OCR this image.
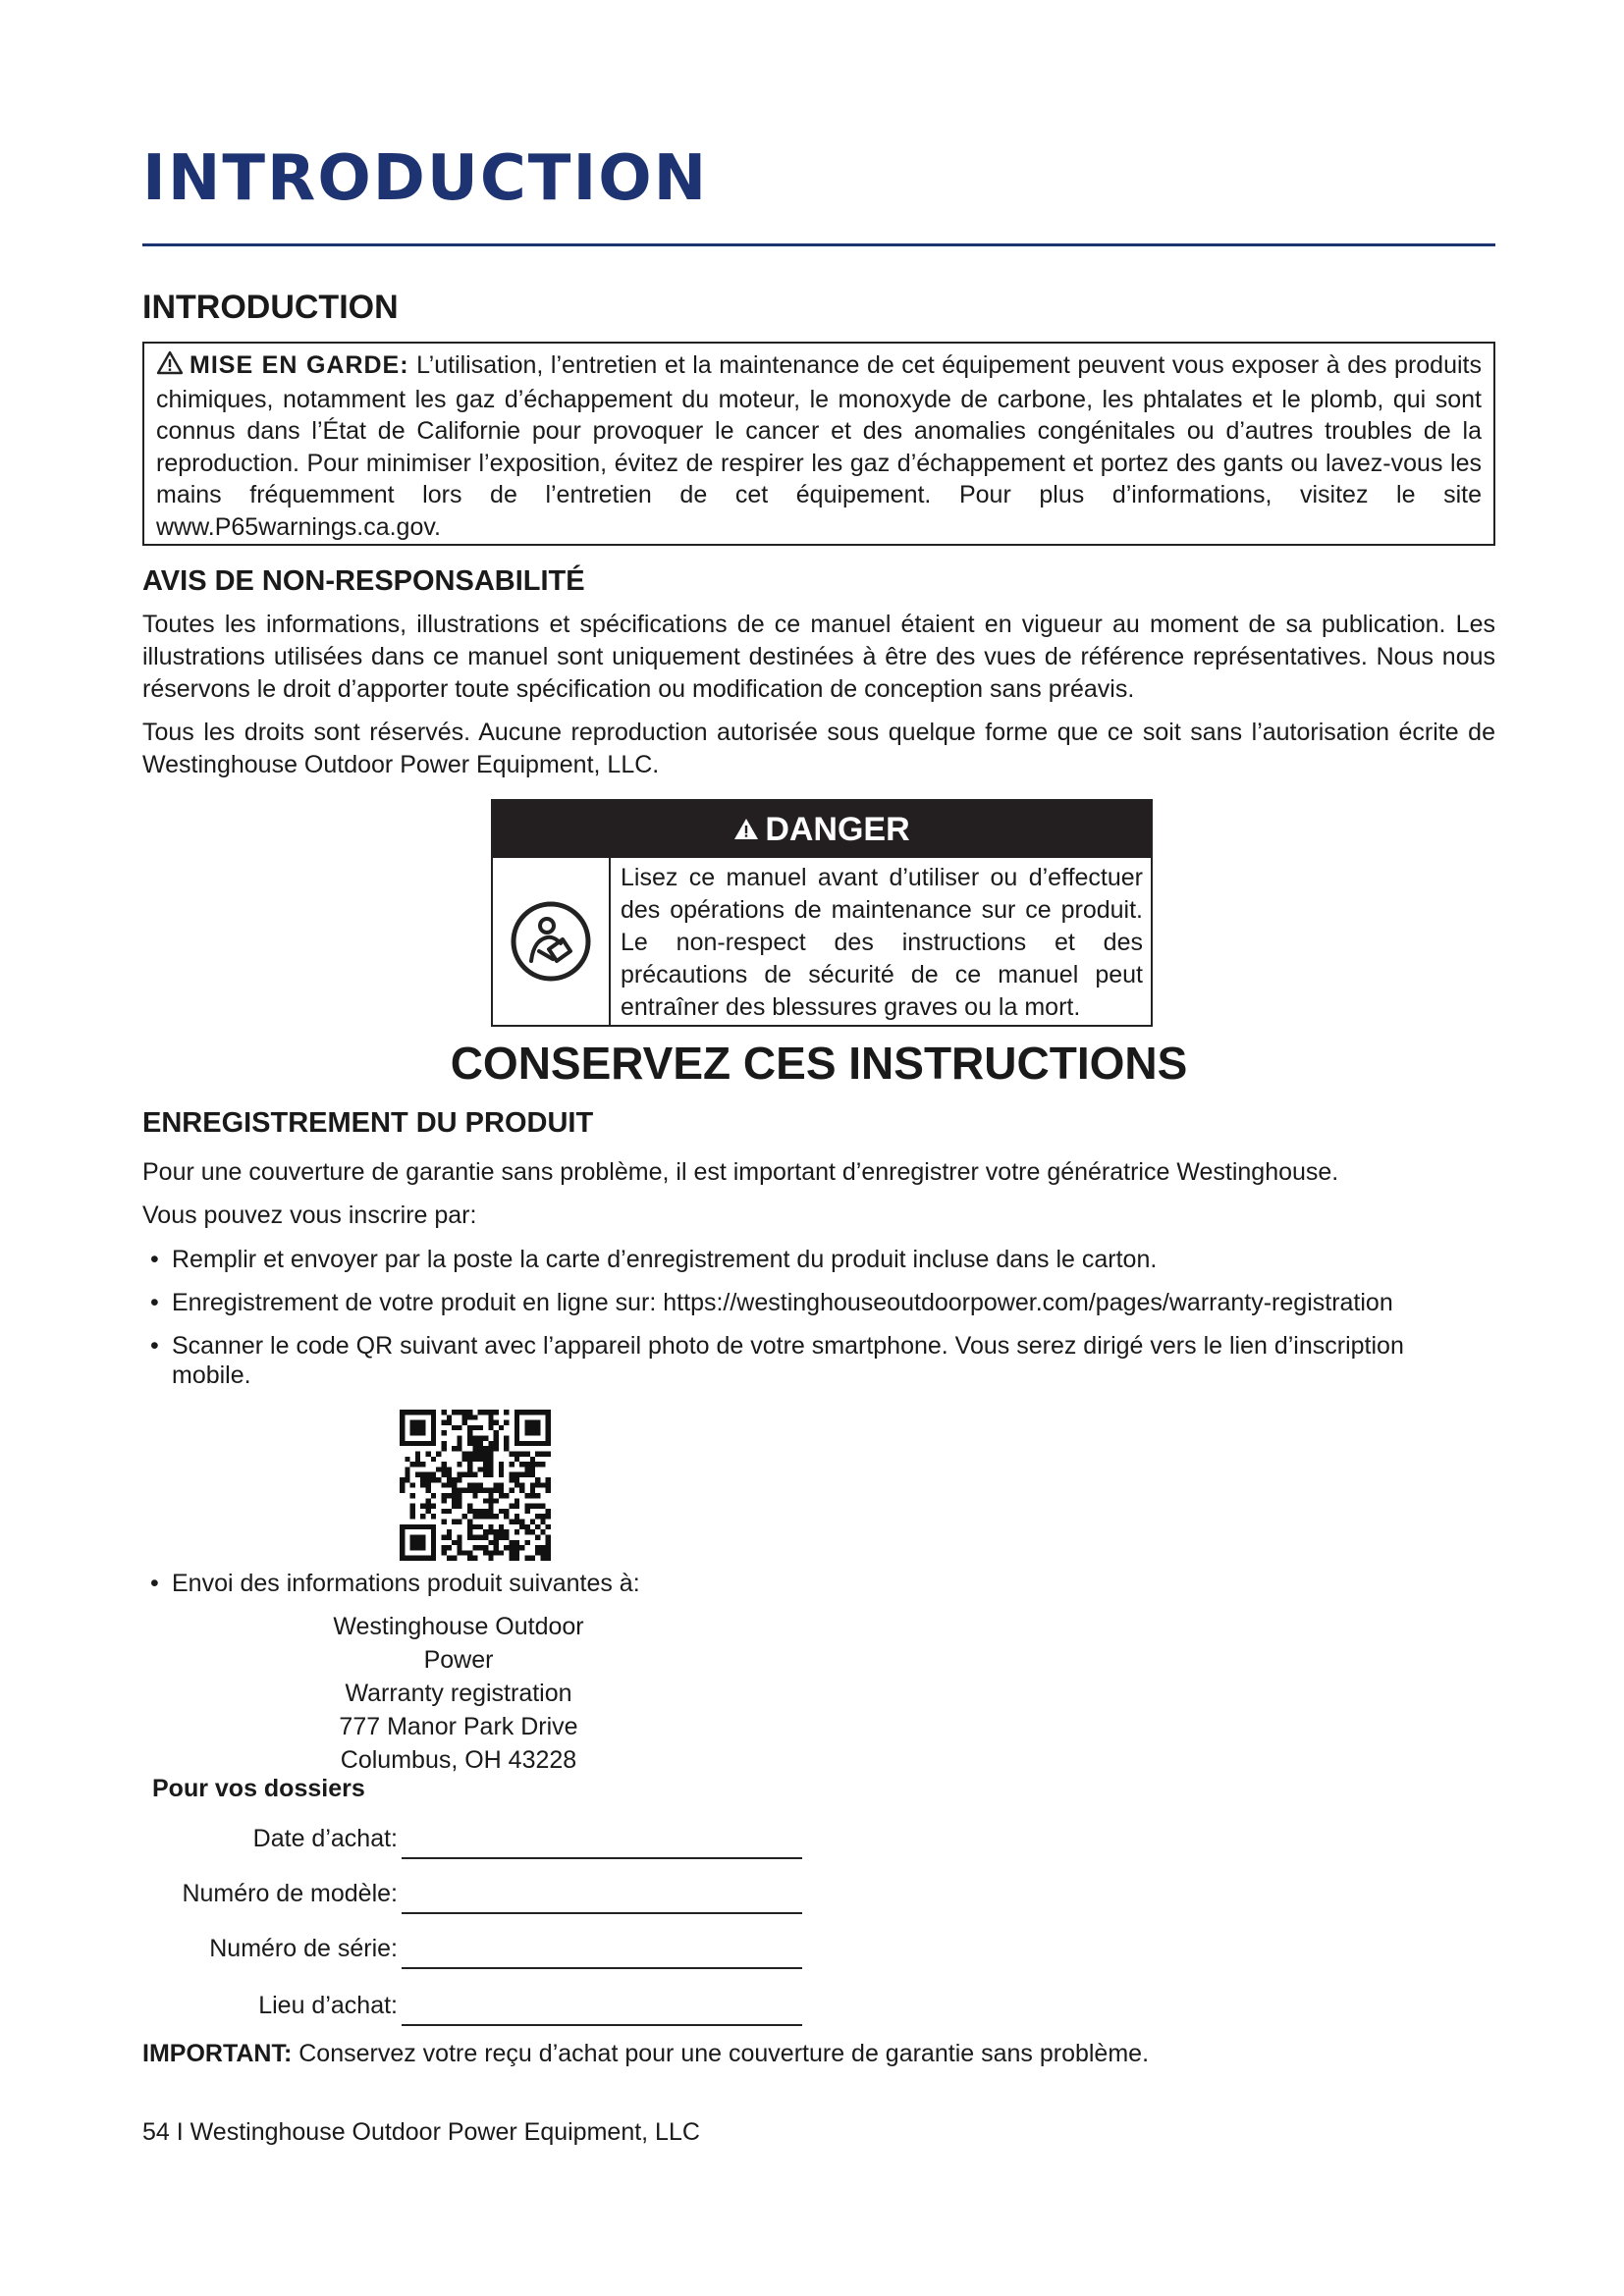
INTRODUCTION
INTRODUCTION
MISE EN GARDE: L’utilisation, l’entretien et la maintenance de cet équipement peuvent vous exposer à des produits chimiques, notamment les gaz d’échappement du moteur, le monoxyde de carbone, les phtalates et le plomb, qui sont connus dans l’État de Californie pour provoquer le cancer et des anomalies congénitales ou d’autres troubles de la reproduction. Pour minimiser l’exposition, évitez de respirer les gaz d’échappement et portez des gants ou lavez-vous les mains fréquemment lors de l’entretien de cet équipement. Pour plus d’informations, visitez le site www.P65warnings.ca.gov.
AVIS DE NON-RESPONSABILITÉ

Toutes les informations, illustrations et spécifications de ce manuel étaient en vigueur au moment de sa publication. Les illustrations utilisées dans ce manuel sont uniquement destinées à être des vues de référence représentatives. Nous nous réservons le droit d’apporter toute spécification ou modification de conception sans préavis.

Tous les droits sont réservés. Aucune reproduction autorisée sous quelque forme que ce soit sans l’autorisation écrite de Westinghouse Outdoor Power Equipment, LLC.

DANGER
Lisez ce manuel avant d’utiliser ou d’effectuer des opérations de maintenance sur ce produit. Le non-respect des instructions et des précautions de sécurité de ce manuel peut entraîner des blessures graves ou la mort.
CONSERVEZ CES INSTRUCTIONS
ENREGISTREMENT DU PRODUIT

Pour une couverture de garantie sans problème, il est important d’enregistrer votre génératrice Westinghouse.

Vous pouvez vous inscrire par:

• Remplir et envoyer par la poste la carte d’enregistrement du produit incluse dans le carton.
• Enregistrement de votre produit en ligne sur: https://westinghouseoutdoorpower.com/pages/warranty-registration
• Scanner le code QR suivant avec l’appareil photo de votre smartphone. Vous serez dirigé vers le lien d’inscription mobile.
• Envoi des informations produit suivantes à:
Westinghouse Outdoor Power
Warranty registration
777 Manor Park Drive
Columbus, OH 43228
Pour vos dossiers
Date d’achat:
Numéro de modèle:
Numéro de série:
Lieu d’achat:
IMPORTANT: Conservez votre reçu d’achat pour une couverture de garantie sans problème.
54 I Westinghouse Outdoor Power Equipment, LLC
